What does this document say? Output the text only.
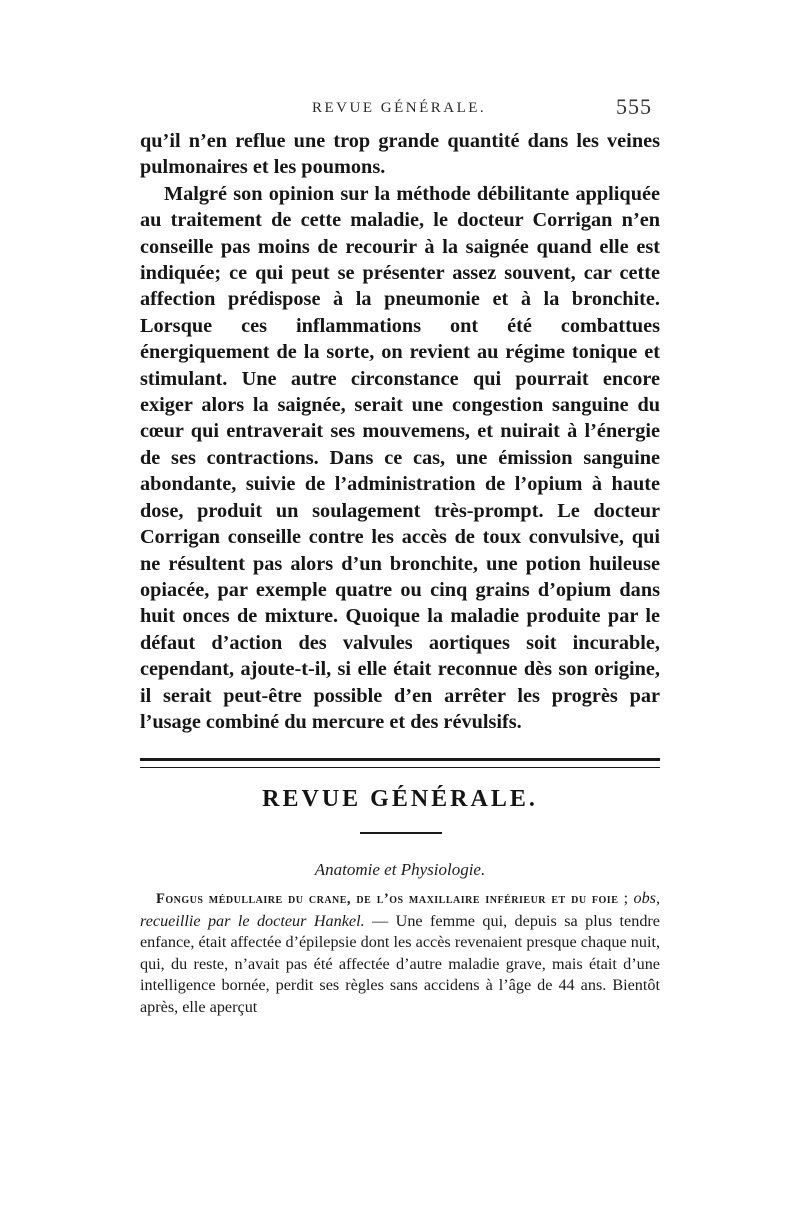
REVUE GÉNÉRALE.	555

qu’il n’en reflue une trop grande quantité dans les veines pulmonaires et les poumons.

Malgré son opinion sur la méthode débilitante appliquée au traitement de cette maladie, le docteur Corrigan n’en conseille pas moins de recourir à la saignée quand elle est indiquée; ce qui peut se présenter assez souvent, car cette affection prédispose à la pneumonie et à la bronchite. Lorsque ces inflammations ont été combattues énergiquement de la sorte, on revient au régime tonique et stimulant. Une autre circonstance qui pourrait encore exiger alors la saignée, serait une congestion sanguine du cœur qui entraverait ses mouvemens, et nuirait à l’énergie de ses contractions. Dans ce cas, une émission sanguine abondante, suivie de l’administration de l’opium à haute dose, produit un soulagement très-prompt. Le docteur Corrigan conseille contre les accès de toux convulsive, qui ne résultent pas alors d’un bronchite, une potion huileuse opiacée, par exemple quatre ou cinq grains d’opium dans huit onces de mixture. Quoique la maladie produite par le défaut d’action des valvules aortiques soit incurable, cependant, ajoute-t-il, si elle était reconnue dès son origine, il serait peut-être possible d’en arrêter les progrès par l’usage combiné du mercure et des révulsifs.

REVUE GÉNÉRALE.
Anatomie et Physiologie.

Fongus médullaire du crane, de l’os maxillaire inférieur et du foie ; obs, recueillie par le docteur Hankel. — Une femme qui, depuis sa plus tendre enfance, était affectée d’épilepsie dont les accès revenaient presque chaque nuit, qui, du reste, n’avait pas été affectée d’autre maladie grave, mais était d’une intelligence bornée, perdit ses règles sans accidens à l’âge de 44 ans. Bientôt après, elle aperçut
